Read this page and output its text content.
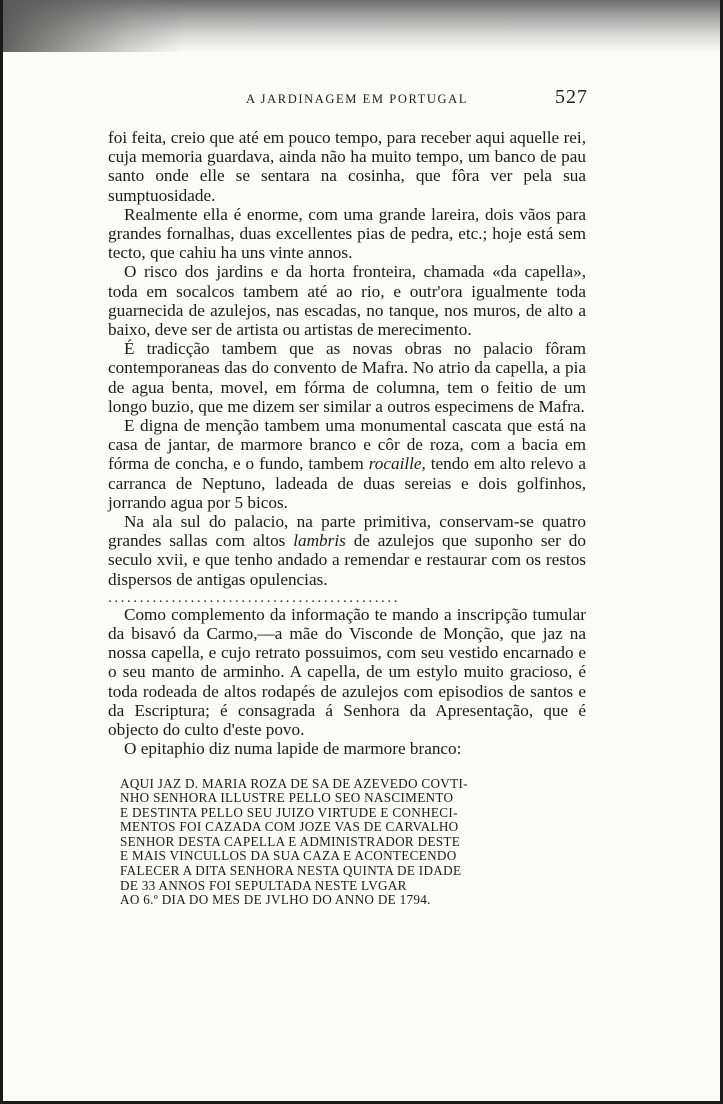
A JARDINAGEM EM PORTUGAL	527

foi feita, creio que até em pouco tempo, para receber aqui aquelle rei, cuja memoria guardava, ainda não ha muito tempo, um banco de pau santo onde elle se sentara na cosinha, que fôra ver pela sua sumptuosidade.

Realmente ella é enorme, com uma grande lareira, dois vãos para grandes fornalhas, duas excellentes pias de pedra, etc.; hoje está sem tecto, que cahiu ha uns vinte annos.

O risco dos jardins e da horta fronteira, chamada «da capella», toda em socalcos tambem até ao rio, e outr'ora igualmente toda guarnecida de azulejos, nas escadas, no tanque, nos muros, de alto a baixo, deve ser de artista ou artistas de merecimento.

É tradicção tambem que as novas obras no palacio fôram contemporaneas das do convento de Mafra. No atrio da capella, a pia de agua benta, movel, em fórma de columna, tem o feitio de um longo buzio, que me dizem ser similar a outros especimens de Mafra.

E digna de menção tambem uma monumental cascata que está na casa de jantar, de marmore branco e côr de roza, com a bacia em fórma de concha, e o fundo, tambem rocaille, tendo em alto relevo a carranca de Neptuno, ladeada de duas sereias e dois golfinhos, jorrando agua por 5 bicos.

Na ala sul do palacio, na parte primitiva, conservam-se quatro grandes sallas com altos lambris de azulejos que suponho ser do seculo xvii, e que tenho andado a remendar e restaurar com os restos dispersos de antigas opulencias.

..............................................

Como complemento da informação te mando a inscripção tumular da bisavó da Carmo,—a mãe do Visconde de Monção, que jaz na nossa capella, e cujo retrato possuimos, com seu vestido encarnado e o seu manto de arminho. A capella, de um estylo muito gracioso, é toda rodeada de altos rodapés de azulejos com episodios de santos e da Escriptura; é consagrada á Senhora da Apresentação, que é objecto do culto d'este povo.

O epitaphio diz numa lapide de marmore branco:

AQUI JAZ D. MARIA ROZA DE SA DE AZEVEDO COVTI-
NHO SENHORA ILLUSTRE PELLO SEO NASCIMENTO
E DESTINTA PELLO SEU JUIZO VIRTUDE E CONHECI-
MENTOS FOI CAZADA COM JOZE VAS DE CARVALHO
SENHOR DESTA CAPELLA E ADMINISTRADOR DESTE
E MAIS VINCULLOS DA SUA CAZA E ACONTECENDO
FALECER A DITA SENHORA NESTA QUINTA DE IDADE
DE 33 ANNOS FOI SEPULTADA NESTE LVGAR
AO 6.º DIA DO MES DE JVLHO DO ANNO DE 1794.
